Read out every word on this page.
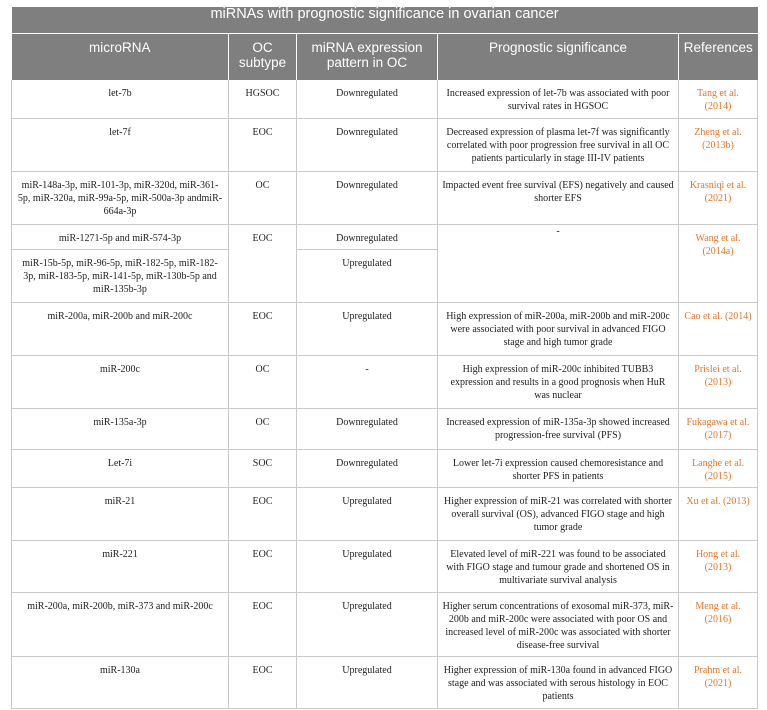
miRNAs with prognostic significance in ovarian cancer				
microRNA	OC subtype	miRNA expression pattern in OC	Prognostic significance	References
let-7b	HGSOC	Downregulated	Increased expression of let-7b was associated with poor survival rates in HGSOC	Tang et al. (2014)
let-7f	EOC	Downregulated	Decreased expression of plasma let-7f was significantly correlated with poor progression free survival in all OC patients particularly in stage III-IV patients	Zheng et al. (2013b)
miR-148a-3p, miR-101-3p, miR-320d, miR-361-5p, miR-320a, miR-99a-5p, miR-500a-3p andmiR-664a-3p	OC	Downregulated	Impacted event free survival (EFS) negatively and caused shorter EFS	Krasniqi et al. (2021)
miR-1271-5p and miR-574-3p	EOC	Downregulated	-	Wang et al. (2014a)
miR-15b-5p, miR-96-5p, miR-182-5p, miR-182-3p, miR-183-5p, miR-141-5p, miR-130b-5p and miR-135b-3p		Upregulated		
miR-200a, miR-200b and miR-200c	EOC	Upregulated	High expression of miR-200a, miR-200b and miR-200c were associated with poor survival in advanced FIGO stage and high tumor grade	Cao et al. (2014)
miR-200c	OC	-	High expression of miR-200c inhibited TUBB3 expression and results in a good prognosis when HuR was nuclear	Prislei et al. (2013)
miR-135a-3p	OC	Downregulated	Increased expression of miR-135a-3p showed increased progression-free survival (PFS)	Fukagawa et al. (2017)
Let-7i	SOC	Downregulated	Lower let-7i expression caused chemoresistance and shorter PFS in patients	Langhe et al. (2015)
miR-21	EOC	Upregulated	Higher expression of miR-21 was correlated with shorter overall survival (OS), advanced FIGO stage and high tumor grade	Xu et al. (2013)
miR-221	EOC	Upregulated	Elevated level of miR-221 was found to be associated with FIGO stage and tumour grade and shortened OS in multivariate survival analysis	Hong et al. (2013)
miR-200a, miR-200b, miR-373 and miR-200c	EOC	Upregulated	Higher serum concentrations of exosomal miR-373, miR-200b and miR-200c were associated with poor OS and increased level of miR-200c was associated with shorter disease-free survival	Meng et al. (2016)
miR-130a	EOC	Upregulated	Higher expression of miR-130a found in advanced FIGO stage and was associated with serous histology in EOC patients	Prahm et al. (2021)
